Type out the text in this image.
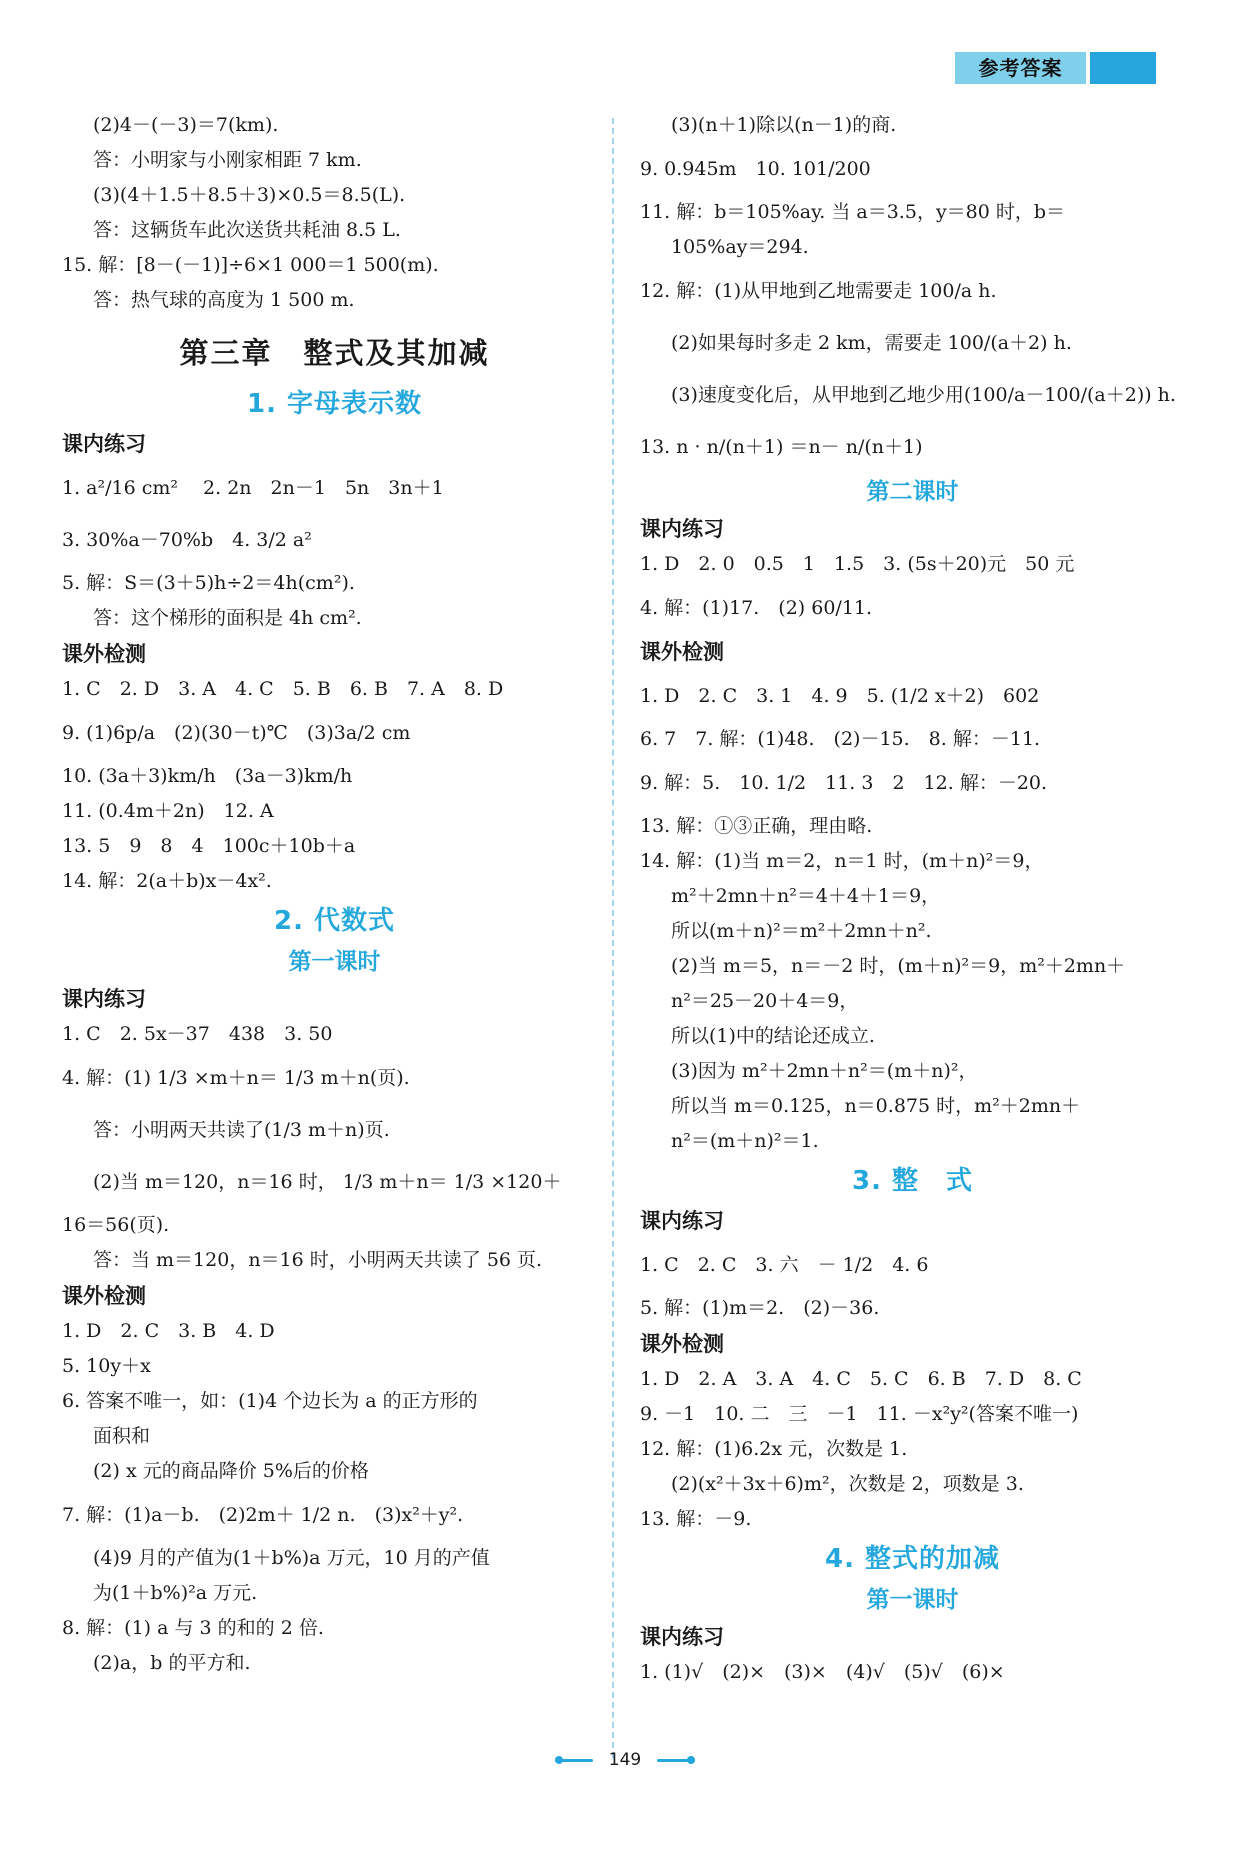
参考答案
(2)4－(－3)＝7(km).
答：小明家与小刚家相距 7 km.
(3)(4＋1.5＋8.5＋3)×0.5＝8.5(L).
答：这辆货车此次送货共耗油 8.5 L.
15. 解：[8－(－1)]÷6×1 000＝1 500(m).
答：热气球的高度为 1 500 m.
第三章　整式及其加减
1. 字母表示数
课内练习
1. a²/16 cm²　 2. 2n　2n－1　5n　3n＋1
3. 30%a－70%b　4. 3/2 a²
5. 解：S＝(3＋5)h÷2＝4h(cm²).
答：这个梯形的面积是 4h cm².
课外检测
1. C　2. D　3. A　4. C　5. B　6. B　7. A　8. D
9. (1)6p/a　(2)(30－t)℃　(3)3a/2 cm
10. (3a＋3)km/h　(3a－3)km/h
11. (0.4m＋2n)　12. A
13. 5　9　8　4　100c＋10b＋a
14. 解：2(a＋b)x－4x².
2. 代数式
第一课时
课内练习
1. C　2. 5x－37　438　3. 50
4. 解：(1) 1/3 ×m＋n＝ 1/3 m＋n(页).
答：小明两天共读了(1/3 m＋n)页.
(2)当 m＝120，n＝16 时， 1/3 m＋n＝ 1/3 ×120＋
16＝56(页).
答：当 m＝120，n＝16 时，小明两天共读了 56 页.
课外检测
1. D　2. C　3. B　4. D
5. 10y＋x
6. 答案不唯一，如：(1)4 个边长为 a 的正方形的
面积和
(2) x 元的商品降价 5%后的价格
7. 解：(1)a－b.　(2)2m＋ 1/2 n.　(3)x²＋y².
(4)9 月的产值为(1＋b%)a 万元，10 月的产值
为(1＋b%)²a 万元.
8. 解：(1) a 与 3 的和的 2 倍.
(2)a，b 的平方和.
(3)(n＋1)除以(n－1)的商.
9. 0.945m　10. 101/200
11. 解：b＝105%ay. 当 a＝3.5，y＝80 时，b＝
105%ay＝294.
12. 解：(1)从甲地到乙地需要走 100/a h.
(2)如果每时多走 2 km，需要走 100/(a＋2) h.
(3)速度变化后，从甲地到乙地少用(100/a－100/(a＋2)) h.
13. n · n/(n＋1) ＝n－ n/(n＋1)
第二课时
课内练习
1. D　2. 0　0.5　1　1.5　3. (5s＋20)元　50 元
4. 解：(1)17.　(2) 60/11.
课外检测
1. D　2. C　3. 1　4. 9　5. (1/2 x＋2)　602
6. 7　7. 解：(1)48.　(2)－15.　8. 解：－11.
9. 解：5.　10. 1/2　11. 3　2　12. 解：－20.
13. 解：①③正确，理由略.
14. 解：(1)当 m＝2，n＝1 时，(m＋n)²＝9，
m²＋2mn＋n²＝4＋4＋1＝9，
所以(m＋n)²＝m²＋2mn＋n².
(2)当 m＝5，n＝－2 时，(m＋n)²＝9，m²＋2mn＋
n²＝25－20＋4＝9，
所以(1)中的结论还成立.
(3)因为 m²＋2mn＋n²＝(m＋n)²，
所以当 m＝0.125，n＝0.875 时，m²＋2mn＋
n²＝(m＋n)²＝1.
3. 整　式
课内练习
1. C　2. C　3. 六　－ 1/2　4. 6
5. 解：(1)m＝2.　(2)－36.
课外检测
1. D　2. A　3. A　4. C　5. C　6. B　7. D　8. C
9. －1　10. 二　三　－1　11. －x²y²(答案不唯一)
12. 解：(1)6.2x 元，次数是 1.
(2)(x²＋3x＋6)m²，次数是 2，项数是 3.
13. 解：－9.
4. 整式的加减
第一课时
课内练习
1. (1)√　(2)×　(3)×　(4)√　(5)√　(6)×
149
